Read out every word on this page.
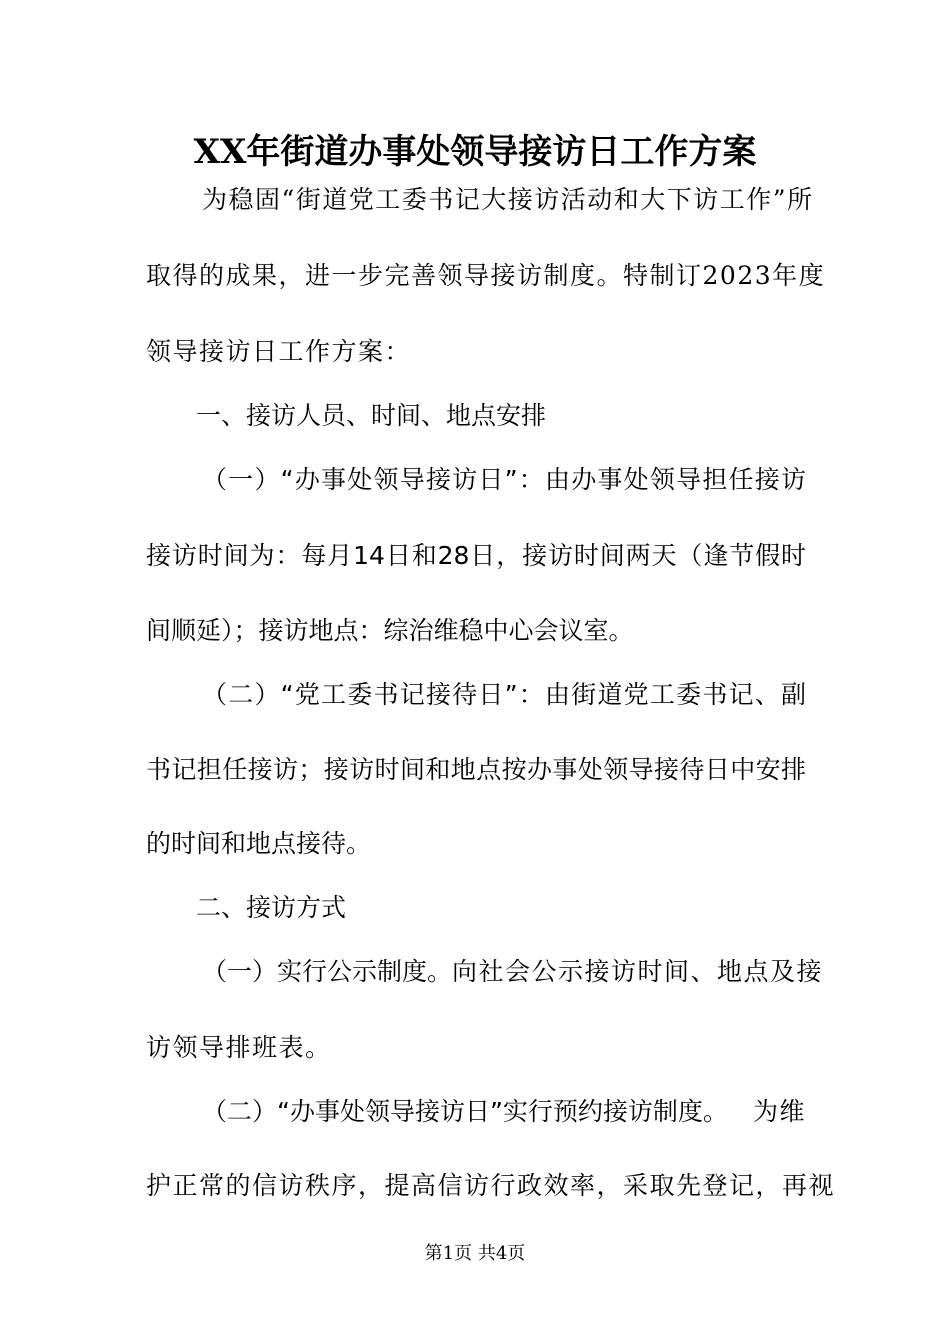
XX年街道办事处领导接访日工作方案
为稳固“街道党工委书记大接访活动和大下访工作”所
取得的成果，进一步完善领导接访制度。特制订2023年度
领导接访日工作方案：
一、接访人员、时间、地点安排
（一）“办事处领导接访日”：由办事处领导担任接访
接访时间为：每月14日和28日，接访时间两天（逢节假时
间顺延）；接访地点：综治维稳中心会议室。
（二）“党工委书记接待日”：由街道党工委书记、副
书记担任接访；接访时间和地点按办事处领导接待日中安排
的时间和地点接待。
二、接访方式
（一）实行公示制度。 向社会公示接访时间、地点及接
访领导排班表。
（二）“办事处领导接访日”实行预约接访制度。 为维
护正常的信访秩序，提高信访行政效率，采取先登记，再视
第1页 共4页
